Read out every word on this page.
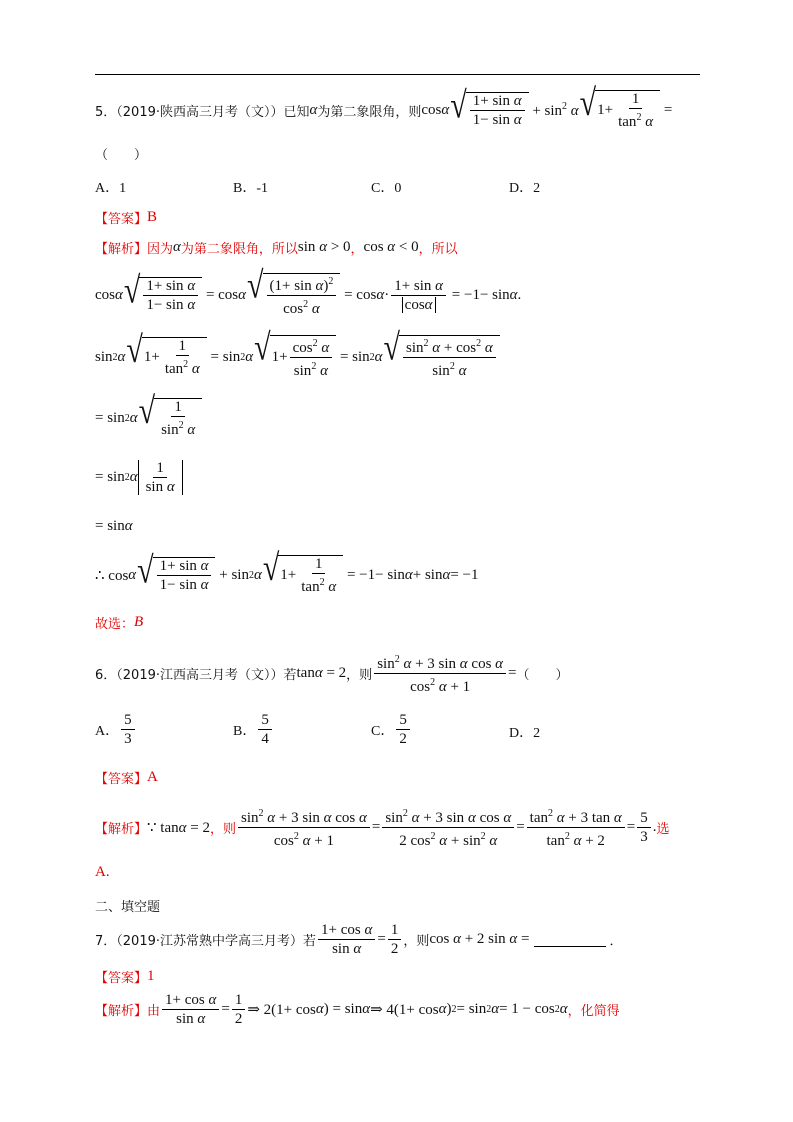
5．（2019·陕西高三月考（文））已知 α 为第二象限角，则 cosα √ $\frac{\text{1+ sin α}}{\text{1− sin α}} + \sin^2 \alpha$ √ $1+ \frac{1}{\tan^2 \alpha}$ =
（　　）
A．1	B．-1	C．0	D．2
【答案】 B
【解析】 因为 α 为第二象限角，所以 sin α > 0 ， cos α < 0 ，所以
cos α √ $\frac{\text{1+ sin α}}{\text{1− sin α}} = \cos \alpha$ √ $\frac{(1+ \sin \alpha)^2}{\cos^2 \alpha} = \cos \alpha \cdot \frac{\text{1+ sin α}}{\text{cos α}} = -1- \sin \alpha$ .
sin 2 α √ $1+ \frac{1}{\tan^2 \alpha} = \sin 2$ α √ $1+ \frac{\cos^2 \alpha}{\sin^2 \alpha} = \sin 2$ α √ $\frac{\sin^2 \alpha + \cos^2 \alpha}{\sin^2 \alpha}$
= sin 2 α √ $\frac{1}{\sin^2 \alpha}$
= sin 2 α $\frac{1}{\text{sin α}}$
= sin α
∴ cos α √ $\frac{\text{1+ sin α}}{\text{1− sin α}} + \sin 2$ α √ $1+ \frac{1}{\tan^2 \alpha} = -1- \sin \alpha + \sin \alpha = -1$
故选： B
6．（2019·江西高三月考（文））若 tanα = 2 ，则 $\frac{\sin^2 \alpha + 3 \sin \alpha \cos \alpha}{\cos^2 \alpha + 1}$ = （　　）
A． $\frac{5}{3}$	B． $\frac{5}{4}$	C． $\frac{5}{2}$	D．2
【答案】 A
【解析】 ∵ tanα = 2 ，则 $\frac{\sin^2 \alpha + 3 \sin \alpha \cos \alpha}{\cos^2 \alpha + 1} = \frac{\sin^2 \alpha + 3 \sin \alpha \cos \alpha}{2 \cos^2 \alpha + \sin^2 \alpha} = \frac{\tan^2 \alpha + 3 \tan \alpha}{\tan^2 \alpha + 2} = \frac{5}{3}$ . 选
A.
二、填空题
7．（2019·江苏常熟中学高三月考）若 $\frac{\text{1+ cos α}}{\text{sin α}} = \frac{1}{2}$ ，则 cos α + 2 sin α =	．
【答案】 1
【解析】 由 $\frac{\text{1+ cos α}}{\text{sin α}} = \frac{1}{2}$ ⇒ 2(1+ cos α ) = sin α ⇒ 4(1+ cos α ) 2 = sin 2 α = 1 − cos 2 α ，化简得
